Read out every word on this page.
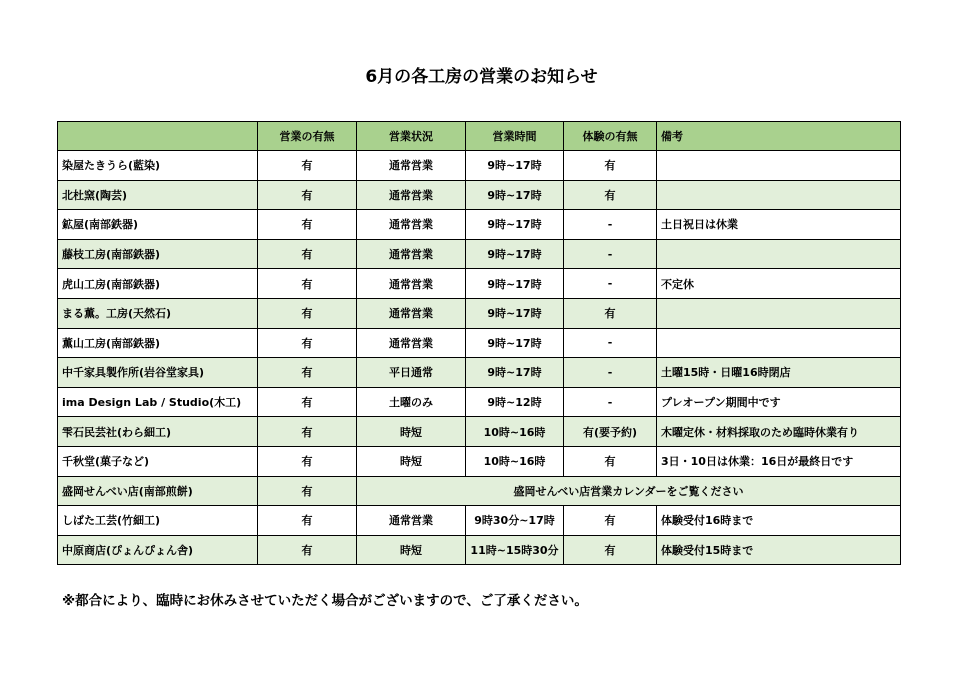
6月の各工房の営業のお知らせ
	営業の有無	営業状況	営業時間	体験の有無	備考
染屋たきうら(藍染)	有	通常営業	9時~17時	有	
北杜窯(陶芸)	有	通常営業	9時~17時	有	
鉱屋(南部鉄器)	有	通常営業	9時~17時	-	土日祝日は休業
藤枝工房(南部鉄器)	有	通常営業	9時~17時	-	
虎山工房(南部鉄器)	有	通常営業	9時~17時	-	不定休
まる薫。工房(天然石)	有	通常営業	9時~17時	有	
薫山工房(南部鉄器)	有	通常営業	9時~17時	-	
中千家具製作所(岩谷堂家具)	有	平日通常	9時~17時	-	土曜15時・日曜16時閉店
ima Design Lab / Studio(木工)	有	土曜のみ	9時~12時	-	プレオープン期間中です
雫石民芸社(わら細工)	有	時短	10時~16時	有(要予約)	木曜定休・材料採取のため臨時休業有り
千秋堂(菓子など)	有	時短	10時~16時	有	3日・10日は休業：16日が最終日です
盛岡せんべい店(南部煎餅)	有	盛岡せんべい店営業カレンダーをご覧ください			
しばた工芸(竹細工)	有	通常営業	9時30分~17時	有	体験受付16時まで
中原商店(ぴょんぴょん舎)	有	時短	11時~15時30分	有	体験受付15時まで
※都合により、臨時にお休みさせていただく場合がございますので、ご了承ください。
